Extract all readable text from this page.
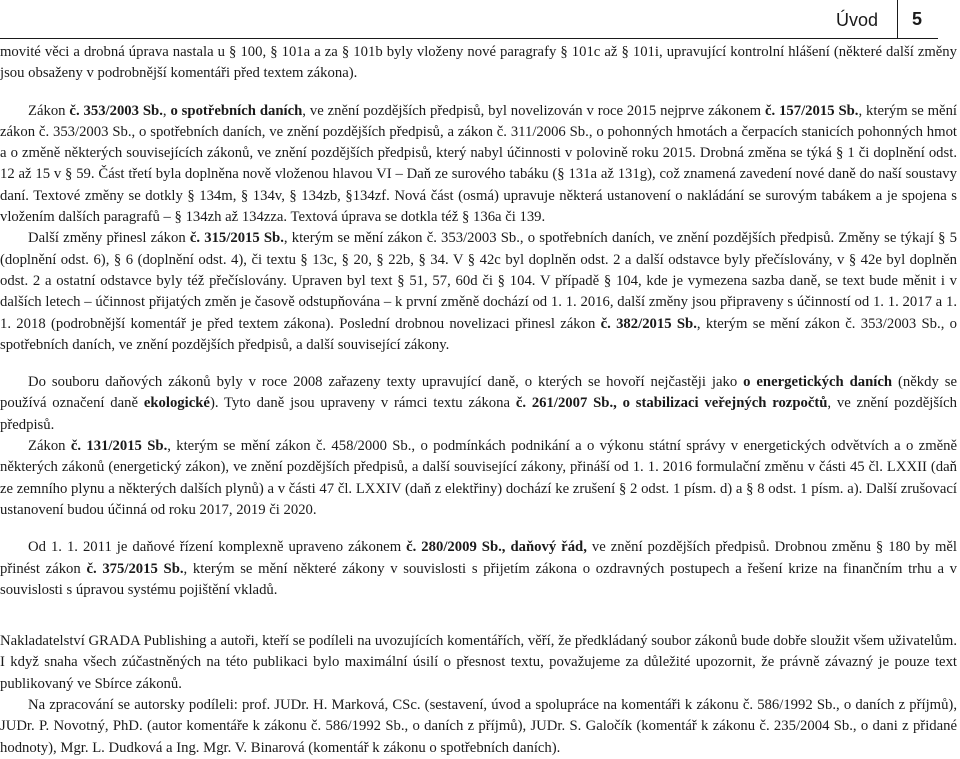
Úvod 5

movité věci a drobná úprava nastala u § 100, § 101a a za § 101b byly vloženy nové paragrafy § 101c až § 101i, upravující kontrolní hlášení (některé další změny jsou obsaženy v podrobnější komentáři před textem zákona).

Zákon č. 353/2003 Sb., o spotřebních daních, ve znění pozdějších předpisů, byl novelizován v roce 2015 nejprve zákonem č. 157/2015 Sb., kterým se mění zákon č. 353/2003 Sb., o spotřebních daních, ve znění pozdějších předpisů, a zákon č. 311/2006 Sb., o pohonných hmotách a čerpacích stanicích pohonných hmot a o změně některých souvisejících zákonů, ve znění pozdějších předpisů, který nabyl účinnosti v polovině roku 2015. Drobná změna se týká § 1 či doplnění odst. 12 až 15 v § 59. Část třetí byla doplněna nově vloženou hlavou VI – Daň ze surového tabáku (§ 131a až 131g), což znamená zavedení nové daně do naší soustavy daní. Textové změny se dotkly § 134m, § 134v, § 134zb, §134zf. Nová část (osmá) upravuje některá ustanovení o nakládání se surovým tabákem a je spojena s vložením dalších paragrafů – § 134zh až 134zza. Textová úprava se dotkla též § 136a či 139.

Další změny přinesl zákon č. 315/2015 Sb., kterým se mění zákon č. 353/2003 Sb., o spotřebních daních, ve znění pozdějších předpisů. Změny se týkají § 5 (doplnění odst. 6), § 6 (doplnění odst. 4), či textu § 13c, § 20, § 22b, § 34. V § 42c byl doplněn odst. 2 a další odstavce byly přečíslovány, v § 42e byl doplněn odst. 2 a ostatní odstavce byly též přečíslovány. Upraven byl text § 51, 57, 60d či § 104. V případě § 104, kde je vymezena sazba daně, se text bude měnit i v dalších letech – účinnost přijatých změn je časově odstupňována – k první změně dochází od 1. 1. 2016, další změny jsou připraveny s účinností od 1. 1. 2017 a 1. 1. 2018 (podrobnější komentář je před textem zákona). Poslední drobnou novelizaci přinesl zákon č. 382/2015 Sb., kterým se mění zákon č. 353/2003 Sb., o spotřebních daních, ve znění pozdějších předpisů, a další související zákony.

Do souboru daňových zákonů byly v roce 2008 zařazeny texty upravující daně, o kterých se hovoří nejčastěji jako o energetických daních (někdy se používá označení daně ekologické). Tyto daně jsou upraveny v rámci textu zákona č. 261/2007 Sb., o stabilizaci veřejných rozpočtů, ve znění pozdějších předpisů.

Zákon č. 131/2015 Sb., kterým se mění zákon č. 458/2000 Sb., o podmínkách podnikání a o výkonu státní správy v energetických odvětvích a o změně některých zákonů (energetický zákon), ve znění pozdějších předpisů, a další související zákony, přináší od 1. 1. 2016 formulační změnu v části 45 čl. LXXII (daň ze zemního plynu a některých dalších plynů) a v části 47 čl. LXXIV (daň z elektřiny) dochází ke zrušení § 2 odst. 1 písm. d) a § 8 odst. 1 písm. a). Další zrušovací ustanovení budou účinná od roku 2017, 2019 či 2020.

Od 1. 1. 2011 je daňové řízení komplexně upraveno zákonem č. 280/2009 Sb., daňový řád, ve znění pozdějších předpisů. Drobnou změnu § 180 by měl přinést zákon č. 375/2015 Sb., kterým se mění některé zákony v souvislosti s přijetím zákona o ozdravných postupech a řešení krize na finančním trhu a v souvislosti s úpravou systému pojištění vkladů.

Nakladatelství GRADA Publishing a autoři, kteří se podíleli na uvozujících komentářích, věří, že předkládaný soubor zákonů bude dobře sloužit všem uživatelům. I když snaha všech zúčastněných na této publikaci bylo maximální úsilí o přesnost textu, považujeme za důležité upozornit, že právně závazný je pouze text publikovaný ve Sbírce zákonů.

Na zpracování se autorsky podíleli: prof. JUDr. H. Marková, CSc. (sestavení, úvod a spolupráce na komentáři k zákonu č. 586/1992 Sb., o daních z příjmů), JUDr. P. Novotný, PhD. (autor komentáře k zákonu č. 586/1992 Sb., o daních z příjmů), JUDr. S. Galočík (komentář k zákonu č. 235/2004 Sb., o dani z přidané hodnoty), Mgr. L. Dudková a Ing. Mgr. V. Binarová (komentář k zákonu o spotřebních daních).
